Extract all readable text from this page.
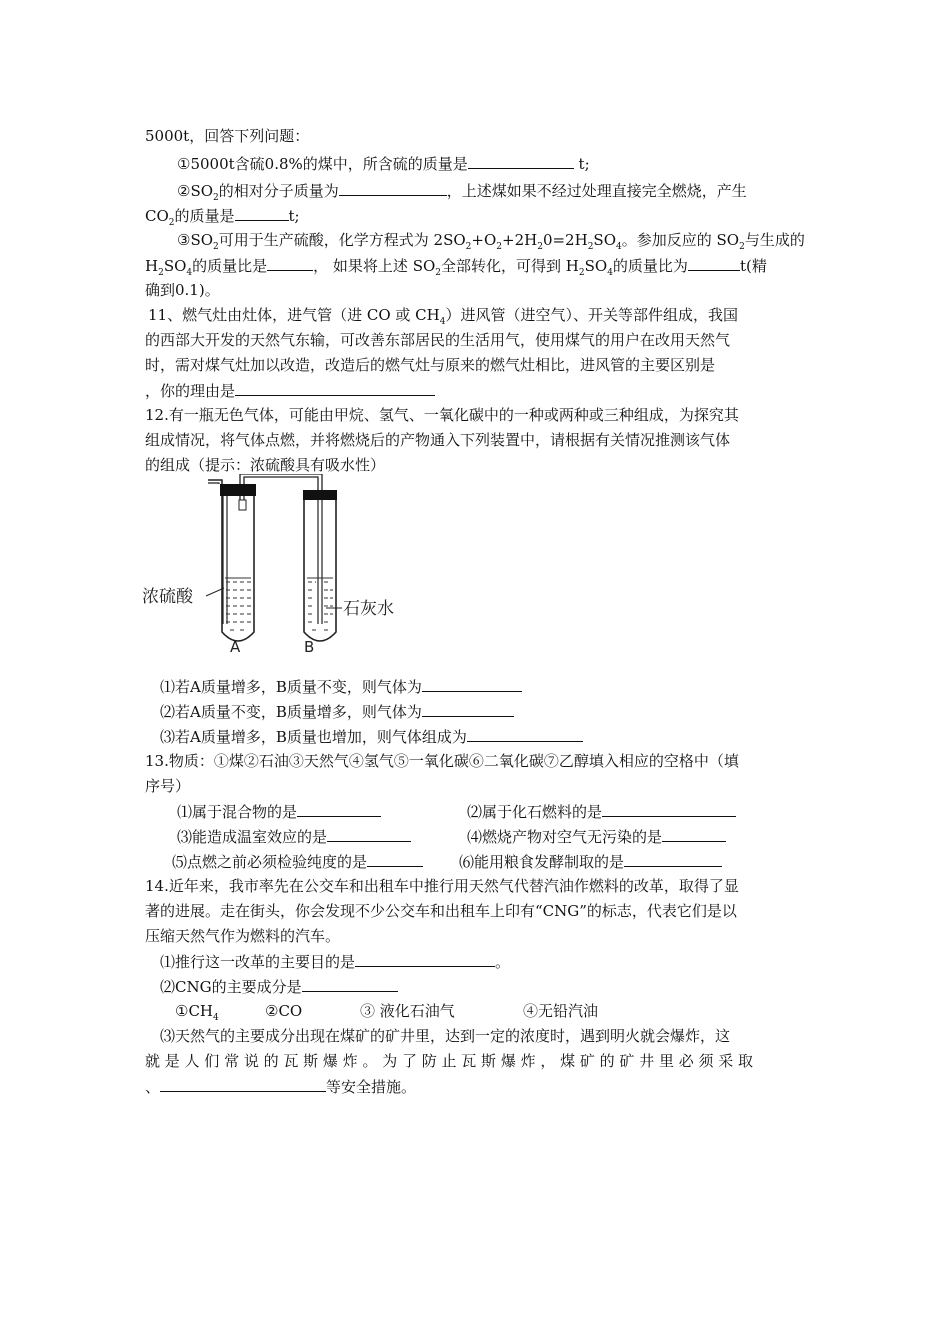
5000t，回答下列问题：
①5000t含硫0.8%的煤中，所含硫的质量是	t;
$②SO_2$的相对分子质量为	，上述煤如果不经过处理直接完全燃烧，产生
$CO_2$的质量是	t;
$③SO_2$可用于生产硫酸，化学方程式为 $2SO_2+O_2+2H_20=2H_2SO_4$。参加反应的 $SO_2$与生成的
$H_2SO_4$的质量比是	， 如果将上述 $SO_2$全部转化，可得到 $H_2SO_4$的质量比为	t(精
确到0.1)。
11、燃气灶由灶体，进气管（进 CO 或 $CH_4$）进风管（进空气）、开关等部件组成，我国
的西部大开发的天然气东输，可改善东部居民的生活用气，使用煤气的用户在改用天然气
时，需对煤气灶加以改造，改造后的燃气灶与原来的燃气灶相比，进风管的主要区别是
，你的理由是
12.有一瓶无色气体，可能由甲烷、氢气、一氧化碳中的一种或两种或三种组成，为探究其
组成情况，将气体点燃，并将燃烧后的产物通入下列装置中，请根据有关情况推测该气体
的组成（提示：浓硫酸具有吸水性）
浓硫酸
石灰水
A	B
⑴若A质量增多，B质量不变，则气体为
⑵若A质量不变，B质量增多，则气体为
⑶若A质量增多，B质量也增加，则气体组成为
13.物质：①煤②石油③天然气④氢气⑤一氧化碳⑥二氧化碳⑦乙醇填入相应的空格中（填
序号）
⑴属于混合物的是	⑵属于化石燃料的是
⑶能造成温室效应的是	⑷燃烧产物对空气无污染的是
⑸点燃之前必须检验纯度的是	⑹能用粮食发酵制取的是
14.近年来，我市率先在公交车和出租车中推行用天然气代替汽油作燃料的改革，取得了显
著的进展。走在街头，你会发现不少公交车和出租车上印有“CNG”的标志，代表它们是以
压缩天然气作为燃料的汽车。
⑴推行这一改革的主要目的是	。
⑵CNG的主要成分是
$①CH_4$	②CO	③ 液化石油气	④无铅汽油
⑶天然气的主要成分出现在煤矿的矿井里，达到一定的浓度时，遇到明火就会爆炸，这
就 是 人 们 常 说 的 瓦 斯 爆 炸 。 为 了 防 止 瓦 斯 爆 炸 ， 煤 矿 的 矿 井 里 必 须 采 取
、	等安全措施。
